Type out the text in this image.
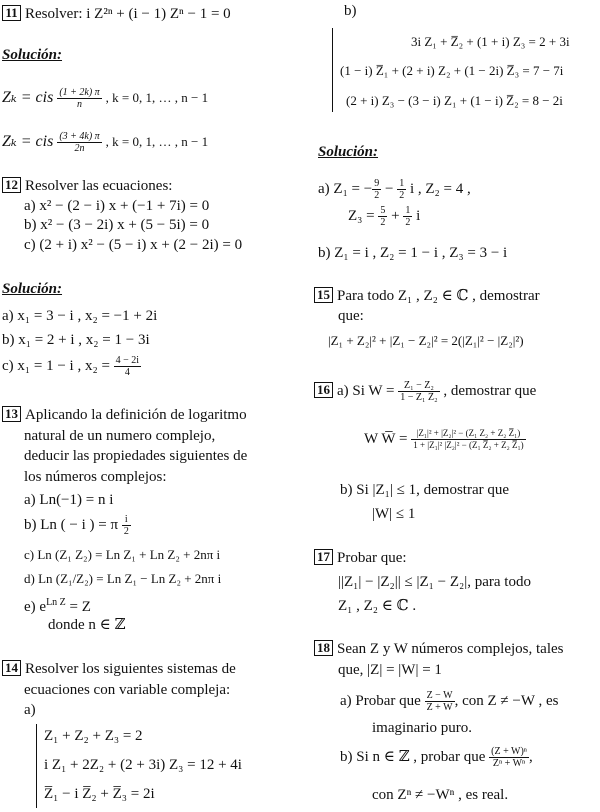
11 Resolver: i Z²ⁿ + (i − 1) Zⁿ − 1 = 0
Solución:
Zₖ = cis $\frac{(1 + 2k) \pi}{n}$ , k = 0, 1, … , n − 1
Zₖ = cis $\frac{(3 + 4k) \pi}{2n}$ , k = 0, 1, … , n − 1
12 Resolver las ecuaciones:
a) x² − (2 − i) x + (−1 + 7i) = 0
b) x² − (3 − 2i) x + (5 − 5i) = 0
c) (2 + i) x² − (5 − i) x + (2 − 2i) = 0
Solución:
a) x₁ = 3 − i , x₂ = −1 + 2i
b) x₁ = 2 + i , x₂ = 1 − 3i
c) x₁ = 1 − i , $x_2 = \frac{4 - 2i}{4}$
13 Aplicando la definición de logaritmo
natural de un numero complejo,
deducir las propiedades siguientes de
los números complejos:
a) Ln(−1) = n i
b) Ln ( − i ) = π $\frac{i}{2}$
c) Ln (Z₁ Z₂) = Ln Z₁ + Ln Z₂ + 2nπ i
d) Ln (Z₁/Z₂) = Ln Z₁ − Ln Z₂ + 2nπ i
e) $e^{Ln Z} = Z$
donde n ∈ ℤ
14 Resolver los siguientes sistemas de
ecuaciones con variable compleja:
a)
Z₁ + Z₂ + Z₃ = 2
i Z₁ + 2Z₂ + (2 + 3i) Z₃ = 12 + 4i
Z̅₁ − i Z̅₂ + Z̅₃ = 2i
b)
3i Z₁ + Z̅₂ + (1 + i) Z₃ = 2 + 3i
(1 − i) Z̅₁ + (2 + i) Z₂ + (1 − 2i) Z̅₃ = 7 − 7i
(2 + i) Z₃ − (3 − i) Z₁ + (1 − i) Z̅₂ = 8 − 2i
Solución:
a) Z₁ = − $\frac{9}{2} - \frac{1}{2}$ i , Z₂ = 4 ,
$Z_3 = \frac{5}{2} + \frac{1}{2}$ i
b) Z₁ = i , Z₂ = 1 − i , Z₃ = 3 − i
15 Para todo Z₁ , Z₂ ∈ ℂ , demostrar
que:
|Z₁ + Z₂|² + |Z₁ − Z₂|² = 2(|Z₁|² − |Z₂|²)
16 a) Si $W = \frac{\text{Z₁ − Z₂}}{\text{1 − Z₁ Z̅₂}}$ , demostrar que
W W̅ = $\frac{\text{|Z₁|² + |Z₂|² − (Z₁ Z₂ + Z₂ Z̅₁)}}{\text{1 + |Z₁|² |Z₂|² − (Z₁ Z̅₂ + Z₂ Z̅₁)}}$
b) Si |Z₁| ≤ 1, demostrar que
|W| ≤ 1
17 Probar que:
||Z₁| − |Z₂|| ≤ |Z₁ − Z₂|, para todo
Z₁ , Z₂ ∈ ℂ .
18 Sean Z y W números complejos, tales
que, |Z| = |W| = 1
a) Probar que $\frac{Z - W}{Z + W}$ , con Z ≠ −W , es
imaginario puro.
b) Si n ∈ ℤ , probar que $\frac{\text{(Z + W)ⁿ}}{\text{Zⁿ + Wⁿ}}$ ,
con Zⁿ ≠ −Wⁿ , es real.
